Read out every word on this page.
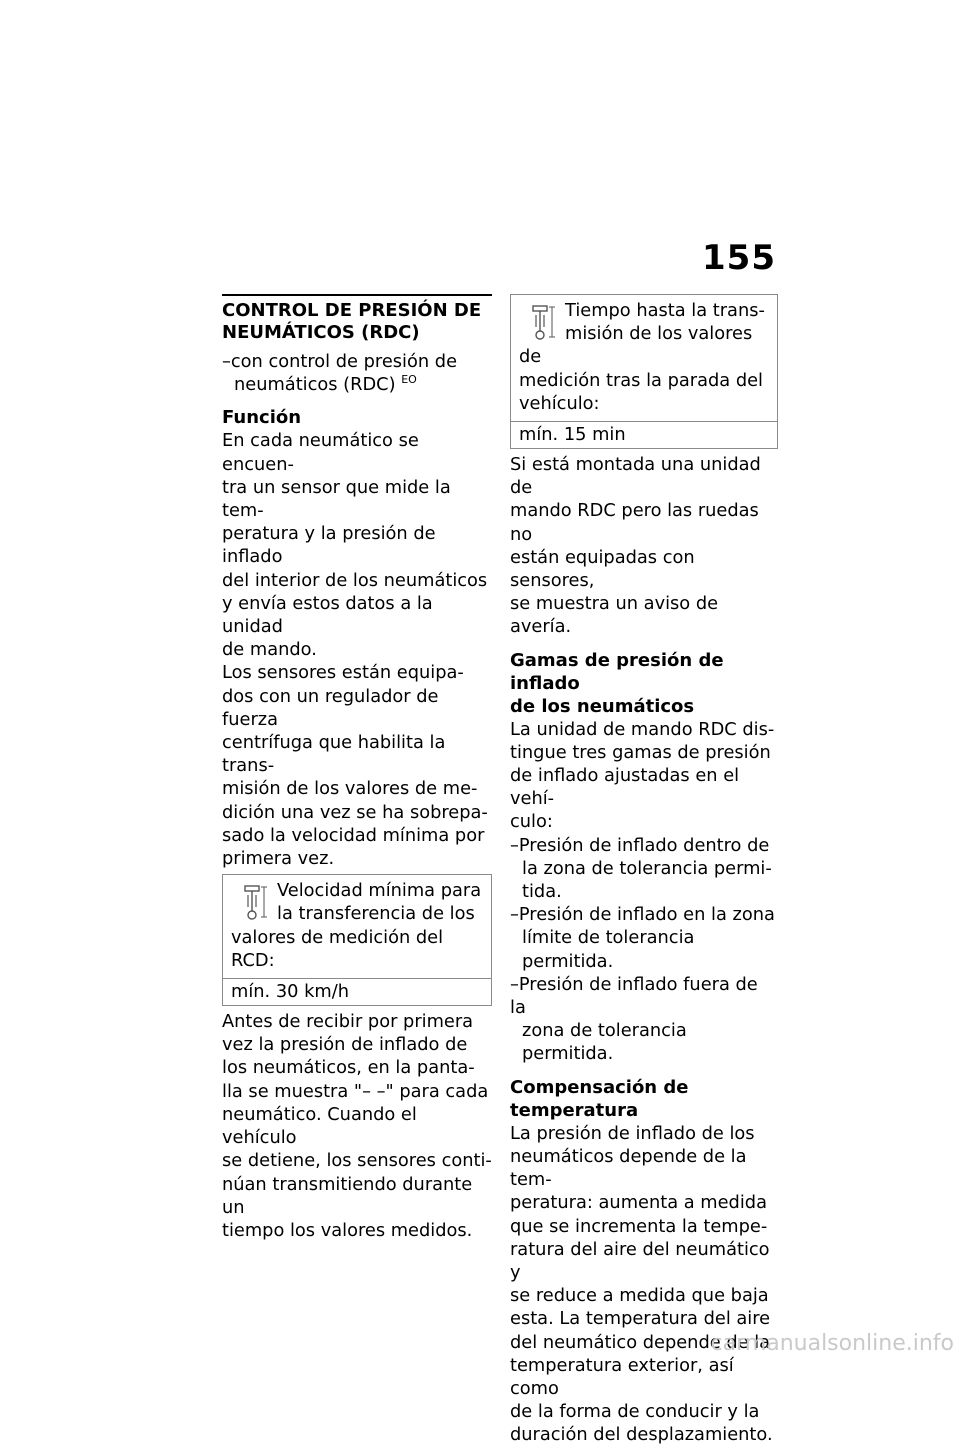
155
CONTROL DE PRESIÓN DE
NEUMÁTICOS (RDC)

–con control de presión de
neumáticos (RDC) $^{EO}$

Función

En cada neumático se encuen-
tra un sensor que mide la tem-
peratura y la presión de inflado
del interior de los neumáticos
y envía estos datos a la unidad
de mando.

Los sensores están equipa-
dos con un regulador de fuerza
centrífuga que habilita la trans-
misión de los valores de me-
dición una vez se ha sobrepa-
sado la velocidad mínima por
primera vez.

Velocidad mínima para
la transferencia de los
valores de medición del RCD:

mín. 30 km/h

Antes de recibir por primera
vez la presión de inflado de
los neumáticos, en la panta-
lla se muestra "– –" para cada
neumático. Cuando el vehículo
se detiene, los sensores conti-
núan transmitiendo durante un
tiempo los valores medidos.

Tiempo hasta la trans-
misión de los valores de
medición tras la parada del
vehículo:

mín. 15 min

Si está montada una unidad de
mando RDC pero las ruedas no
están equipadas con sensores,
se muestra un aviso de avería.

Gamas de presión de inflado
de los neumáticos

La unidad de mando RDC dis-
tingue tres gamas de presión
de inflado ajustadas en el vehí-
culo:

–Presión de inflado dentro de
la zona de tolerancia permi-
tida.

–Presión de inflado en la zona
límite de tolerancia permitida.

–Presión de inflado fuera de la
zona de tolerancia permitida.

Compensación de
temperatura

La presión de inflado de los
neumáticos depende de la tem-
peratura: aumenta a medida
que se incrementa la tempe-
ratura del aire del neumático y
se reduce a medida que baja
esta. La temperatura del aire
del neumático depende de la
temperatura exterior, así como
de la forma de conducir y la
duración del desplazamiento.

carmanualsonline.info
